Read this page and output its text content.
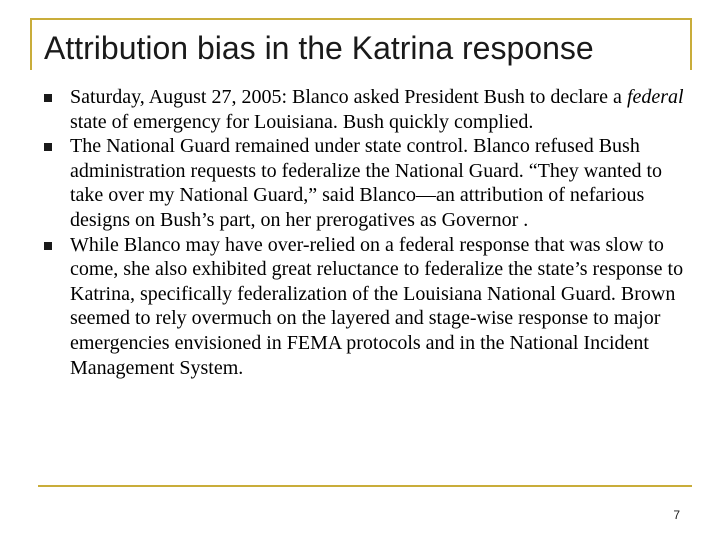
Attribution bias in the Katrina response
Saturday, August 27, 2005: Blanco asked President Bush to declare a federal state of emergency for Louisiana. Bush quickly complied.
The National Guard remained under state control. Blanco refused Bush administration requests to federalize the National Guard. “They wanted to take over my National Guard,” said Blanco—an attribution of nefarious designs on Bush’s part, on her prerogatives as Governor .
While Blanco may have over-relied on a federal response that was slow to come, she also exhibited great reluctance to federalize the state’s response to Katrina, specifically federalization of the Louisiana National Guard. Brown seemed to rely overmuch on the layered and stage-wise response to major emergencies envisioned in FEMA protocols and in the National Incident Management System.
7
